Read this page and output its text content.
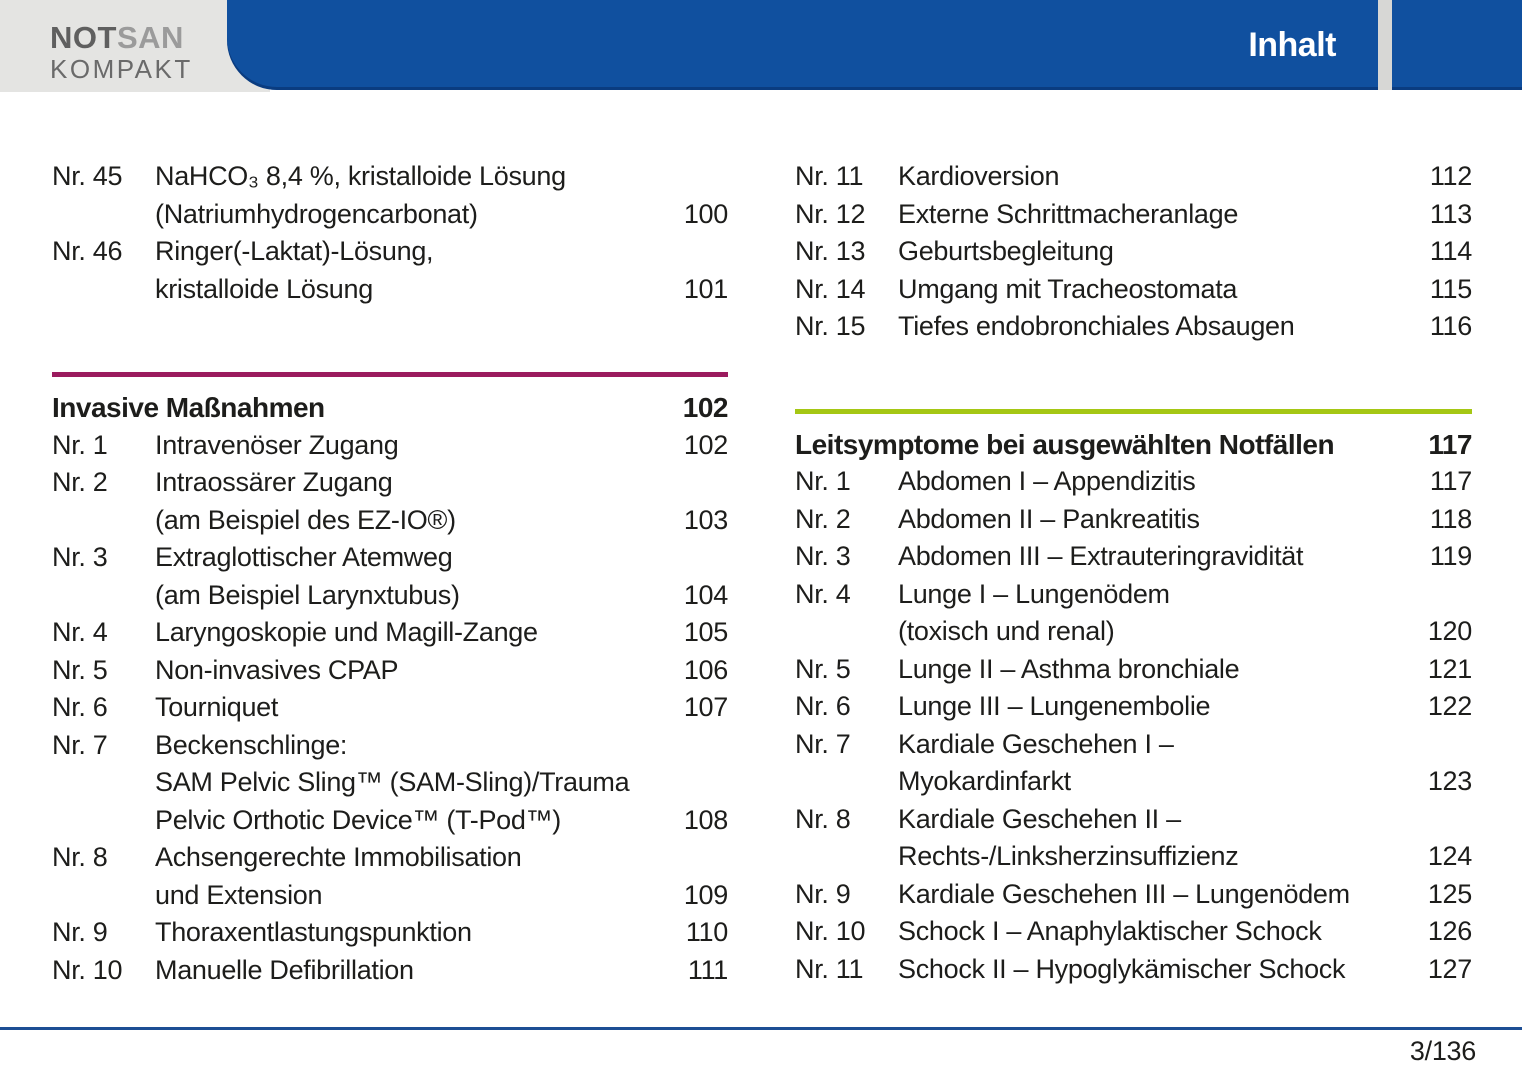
Inhalt
NOTSAN
KOMPAKT
Nr. 45	NaHCO₃ 8,4 %, kristalloide Lösung
(Natriumhydrogencarbonat)	100
Nr. 46	Ringer(-Laktat)-Lösung,
kristalloide Lösung	101
Invasive Maßnahmen	102
Nr. 1	Intravenöser Zugang	102
Nr. 2	Intraossärer Zugang
(am Beispiel des EZ-IO®)	103
Nr. 3	Extraglottischer Atemweg
(am Beispiel Larynxtubus)	104
Nr. 4	Laryngoskopie und Magill-Zange	105
Nr. 5	Non-invasives CPAP	106
Nr. 6	Tourniquet	107
Nr. 7	Beckenschlinge:
SAM Pelvic Sling™ (SAM-Sling)/Trauma
Pelvic Orthotic Device™ (T-Pod™)	108
Nr. 8	Achsengerechte Immobilisation
und Extension	109
Nr. 9	Thoraxentlastungspunktion	110
Nr. 10	Manuelle Defibrillation	111
Nr. 11	Kardioversion	112
Nr. 12	Externe Schrittmacheranlage	113
Nr. 13	Geburtsbegleitung	114
Nr. 14	Umgang mit Tracheostomata	115
Nr. 15	Tiefes endobronchiales Absaugen	116
Leitsymptome bei ausgewählten Notfällen	117
Nr. 1	Abdomen I – Appendizitis	117
Nr. 2	Abdomen II – Pankreatitis	118
Nr. 3	Abdomen III – Extrauteringravidität	119
Nr. 4	Lunge I – Lungenödem
(toxisch und renal)	120
Nr. 5	Lunge II – Asthma bronchiale	121
Nr. 6	Lunge III – Lungenembolie	122
Nr. 7	Kardiale Geschehen I –
Myokardinfarkt	123
Nr. 8	Kardiale Geschehen II –
Rechts-/Linksherzinsuffizienz	124
Nr. 9	Kardiale Geschehen III – Lungenödem	125
Nr. 10	Schock I – Anaphylaktischer Schock	126
Nr. 11	Schock II – Hypoglykämischer Schock	127
3/136
